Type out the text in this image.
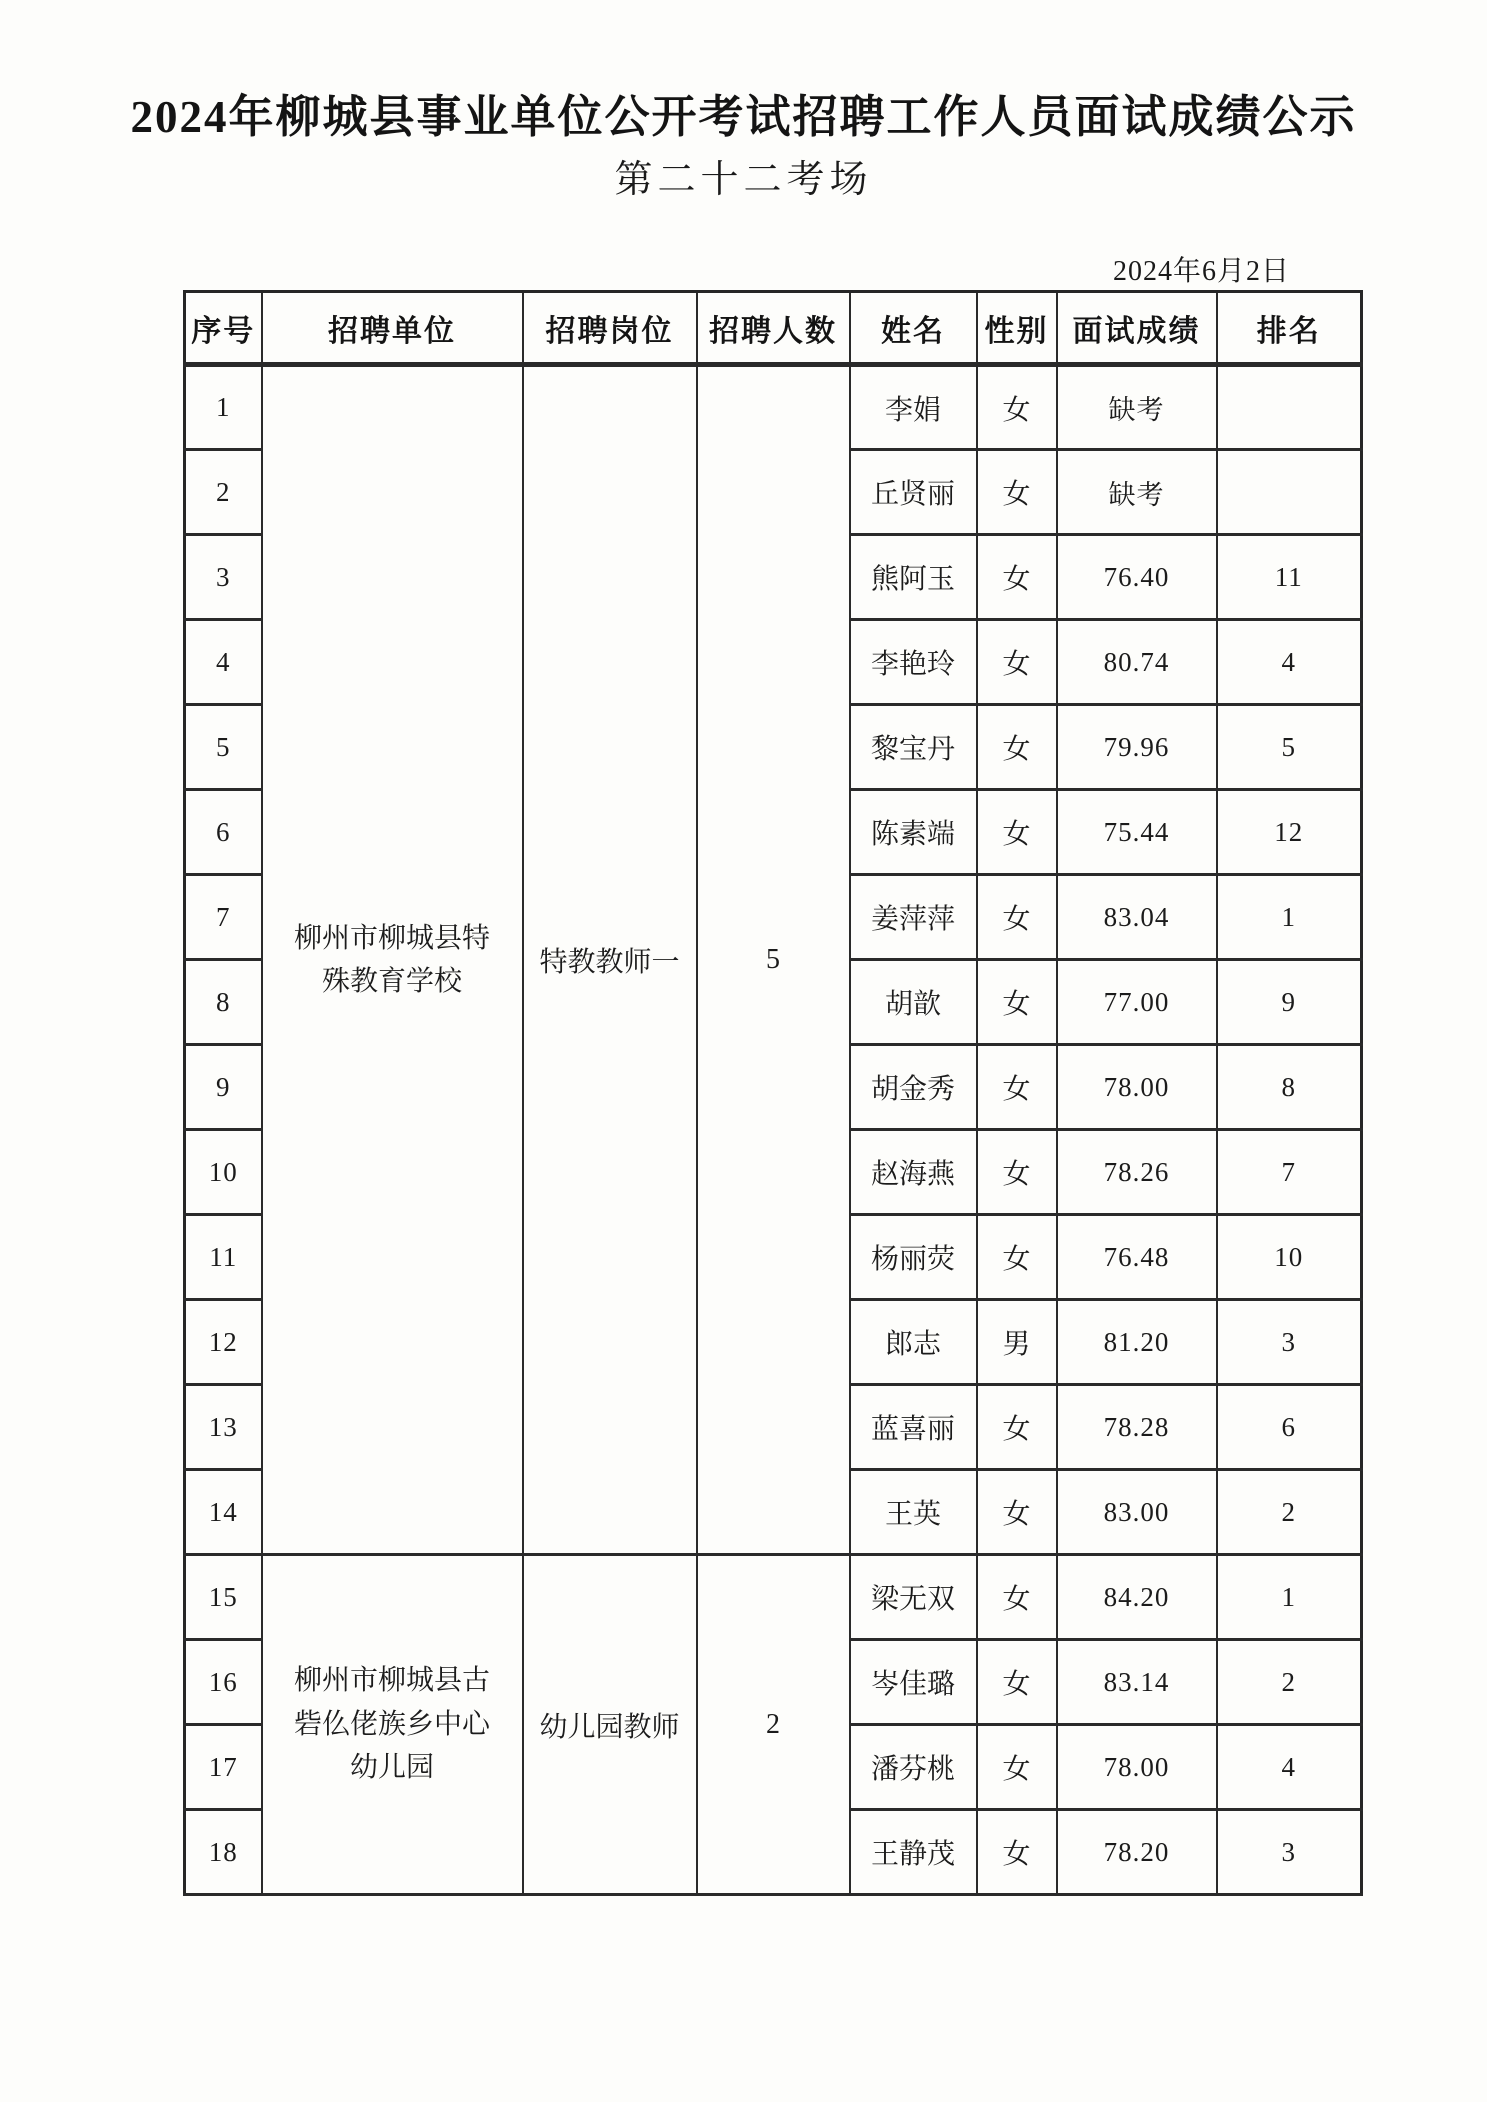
2024年柳城县事业单位公开考试招聘工作人员面试成绩公示
第二十二考场
2024年6月2日
序号	招聘单位	招聘岗位	招聘人数	姓名	性别	面试成绩	排名
1	柳州市柳城县特殊教育学校	特教教师一	5	李娟	女	缺考	
2				丘贤丽	女	缺考	
3				熊阿玉	女	76.40	11
4				李艳玲	女	80.74	4
5				黎宝丹	女	79.96	5
6				陈素端	女	75.44	12
7				姜萍萍	女	83.04	1
8				胡歆	女	77.00	9
9				胡金秀	女	78.00	8
10				赵海燕	女	78.26	7
11				杨丽荧	女	76.48	10
12				郎志	男	81.20	3
13				蓝喜丽	女	78.28	6
14				王英	女	83.00	2
15	柳州市柳城县古砦仫佬族乡中心幼儿园	幼儿园教师	2	梁无双	女	84.20	1
16				岑佳璐	女	83.14	2
17				潘芬桃	女	78.00	4
18				王静茂	女	78.20	3
